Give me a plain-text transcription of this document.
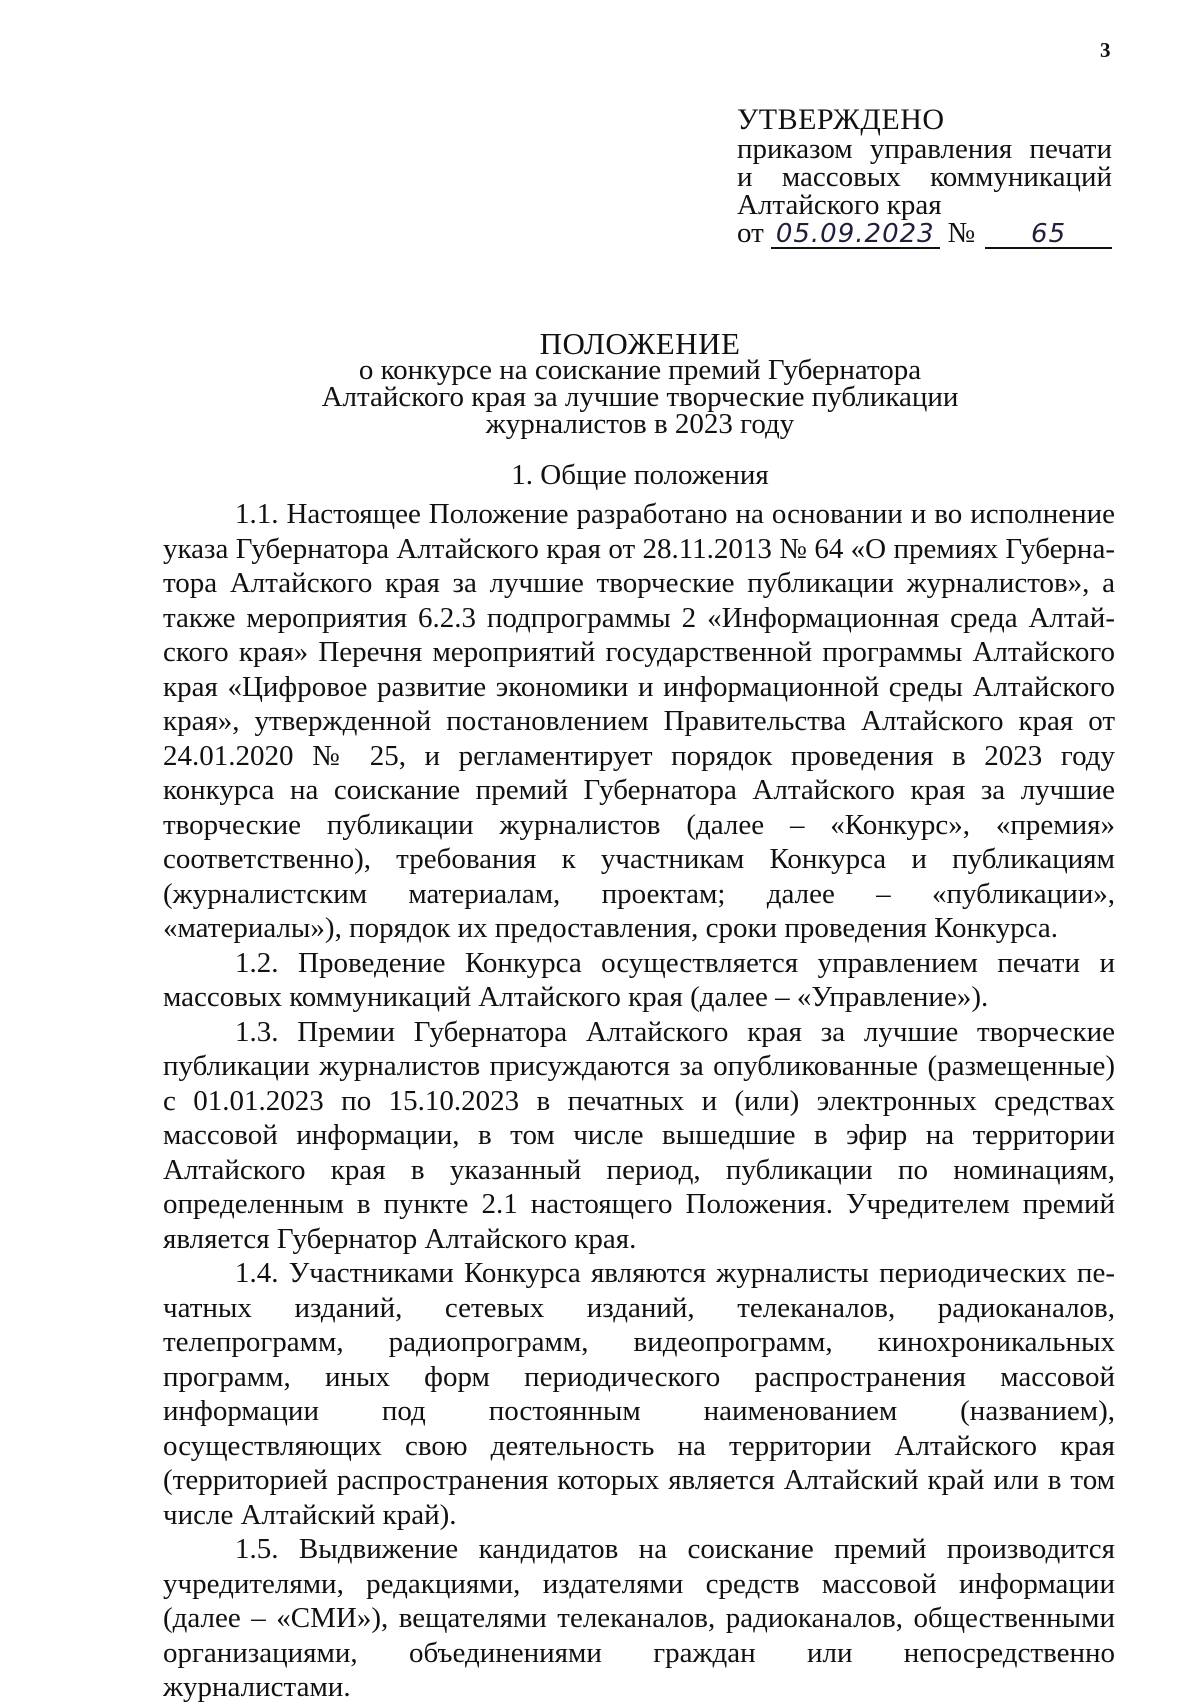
3
УТВЕРЖДЕНО
приказом управления печати
и массовых коммуникаций
Алтайского края
от
05.09.2023 №	65
ПОЛОЖЕНИЕ
о конкурсе на соискание премий Губернатора
Алтайского края за лучшие творческие публикации
журналистов в 2023 году
1. Общие положения

1.1. Настоящее Положение разработано на основании и во исполнение указа Губернатора Алтайского края от 28.11.2013 № 64 «О премиях Губернатора Алтайского края за лучшие творческие публикации журналистов», а также мероприятия 6.2.3 подпрограммы 2 «Информационная среда Алтайского края» Перечня мероприятий государственной программы Алтайского края «Цифровое развитие экономики и информационной среды Алтайского края», утвержденной постановлением Правительства Алтайского края от 24.01.2020 № 25, и регламентирует порядок проведения в 2023 году конкурса на соискание премий Губернатора Алтайского края за лучшие творческие публикации журналистов (далее – «Конкурс», «премия» соответственно), требования к участникам Конкурса и публикациям (журналистским материалам, проектам; далее – «публикации», «материалы»), порядок их предоставления, сроки проведения Конкурса.

1.2. Проведение Конкурса осуществляется управлением печати и массовых коммуникаций Алтайского края (далее – «Управление»).

1.3. Премии Губернатора Алтайского края за лучшие творческие публикации журналистов присуждаются за опубликованные (размещенные) с 01.01.2023 по 15.10.2023 в печатных и (или) электронных средствах массовой информации, в том числе вышедшие в эфир на территории Алтайского края в указанный период, публикации по номинациям, определенным в пункте 2.1 настоящего Положения. Учредителем премий является Губернатор Алтайского края.

1.4. Участниками Конкурса являются журналисты периодических печатных изданий, сетевых изданий, телеканалов, радиоканалов, телепрограмм, радиопрограмм, видеопрограмм, кинохроникальных программ, иных форм периодического распространения массовой информации под постоянным наименованием (названием), осуществляющих свою деятельность на территории Алтайского края (территорией распространения которых является Алтайский край или в том числе Алтайский край).

1.5. Выдвижение кандидатов на соискание премий производится учредителями, редакциями, издателями средств массовой информации (далее – «СМИ»), вещателями телеканалов, радиоканалов, общественными организациями, объединениями граждан или непосредственно журналистами.
